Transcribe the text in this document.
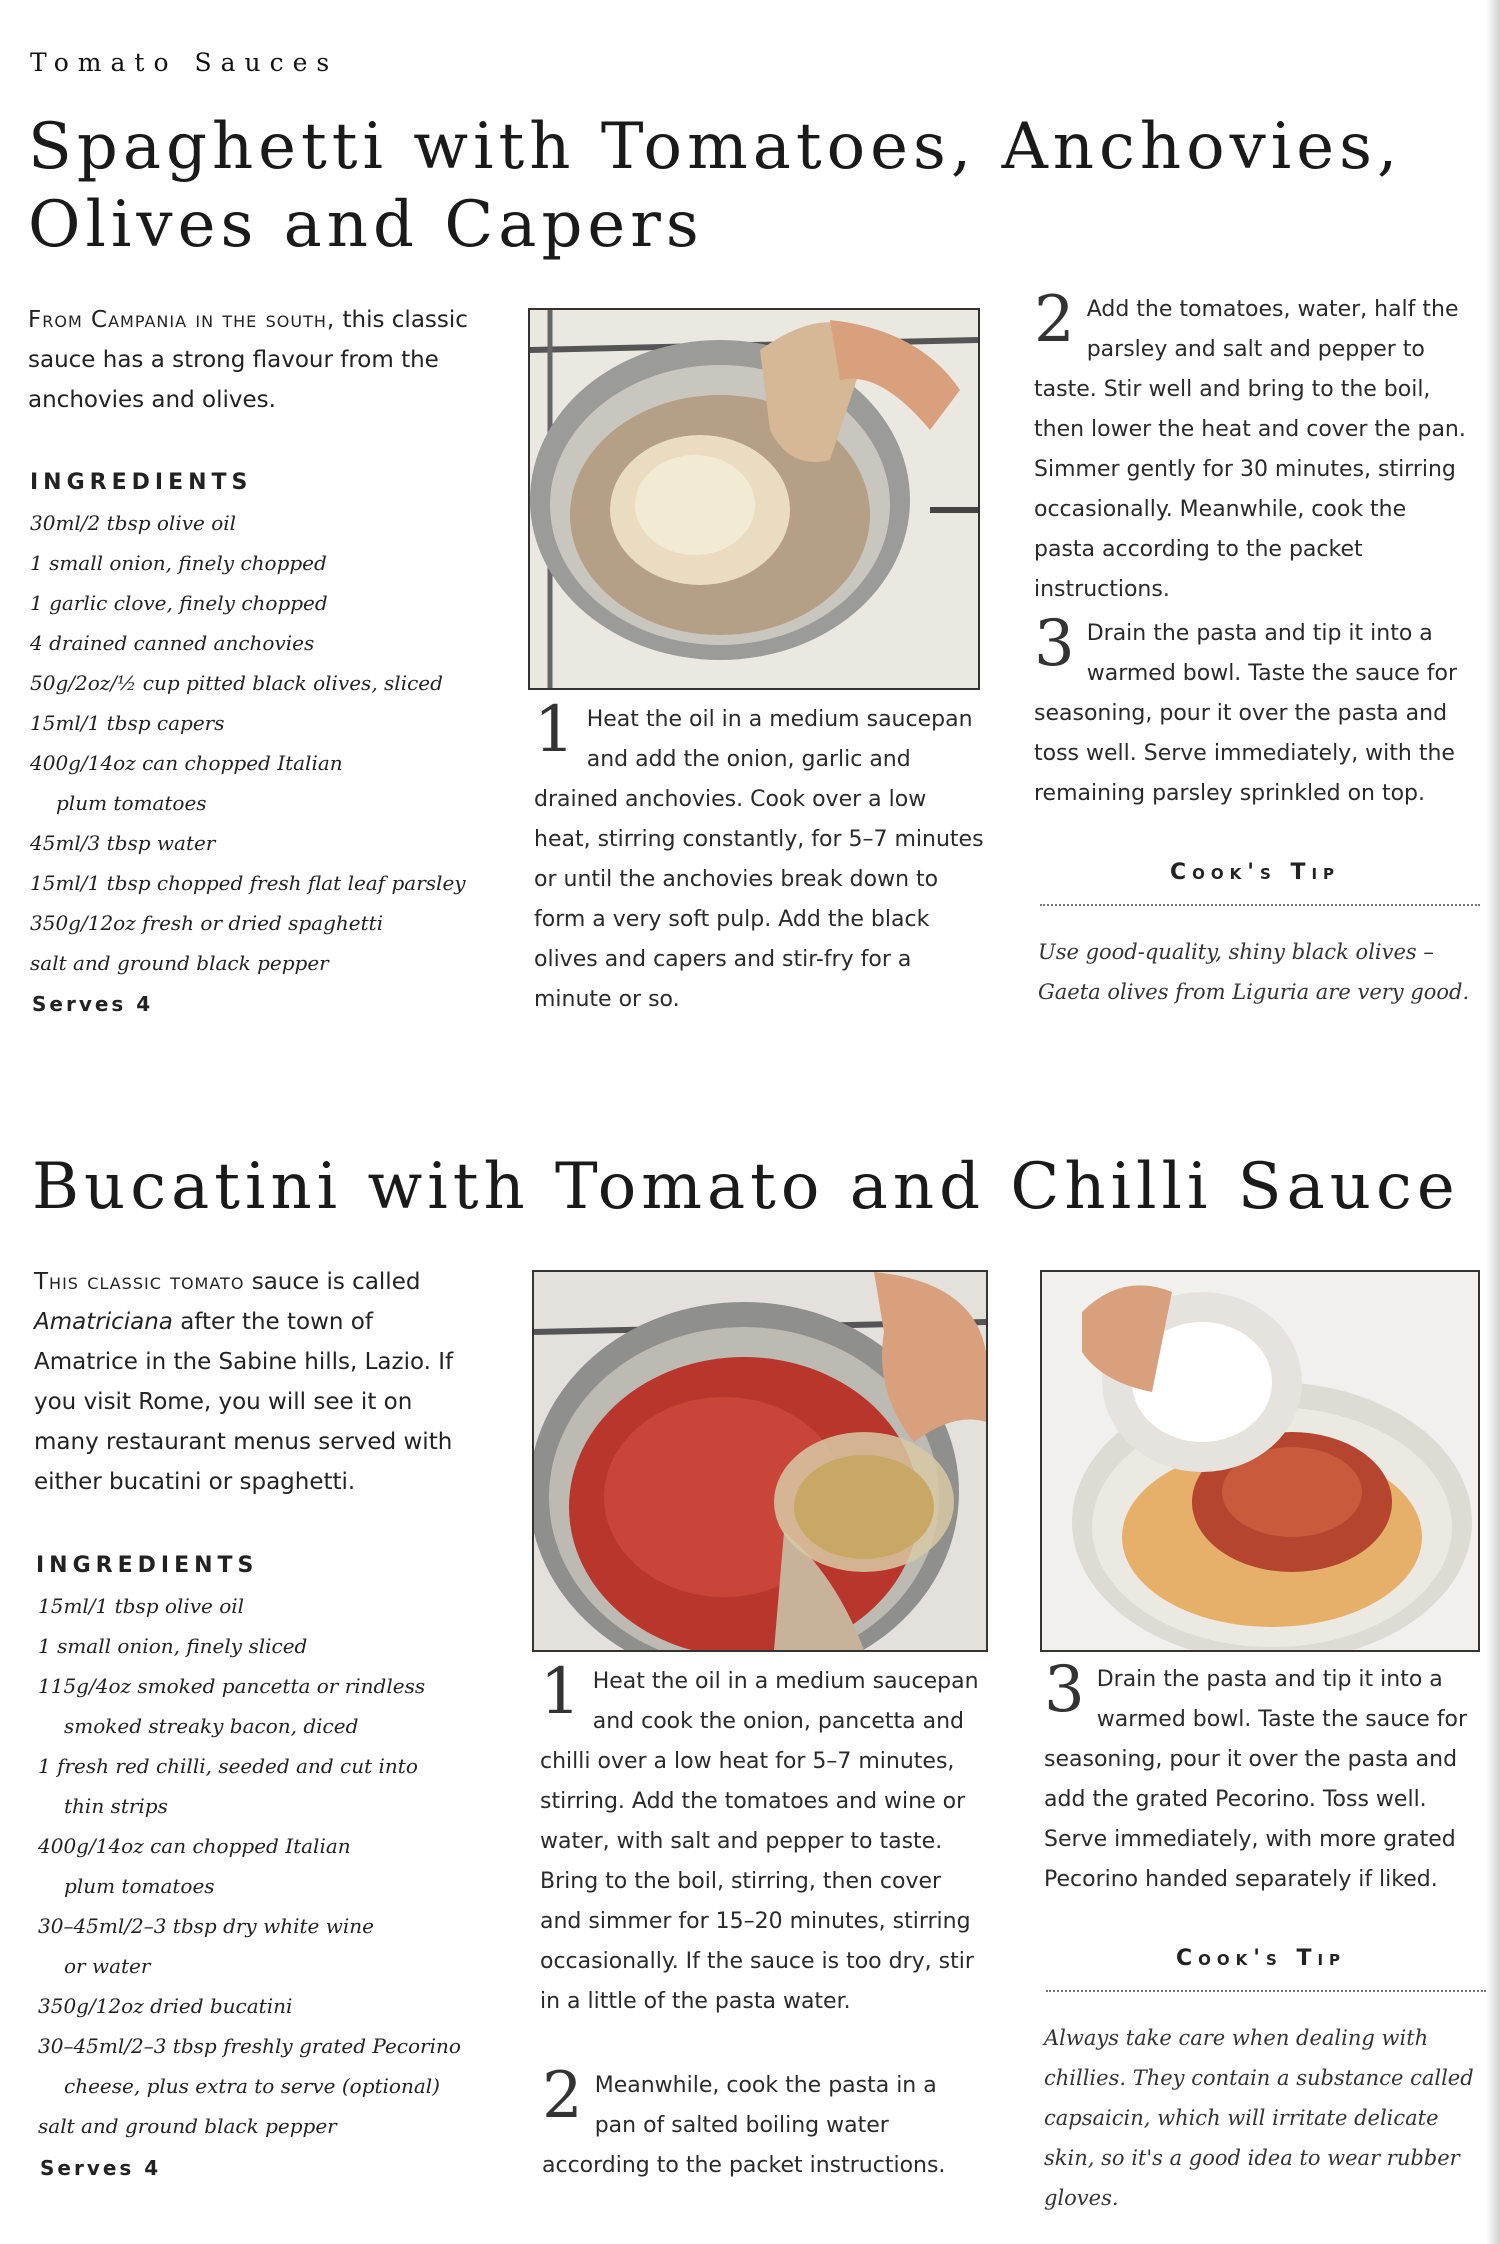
Tomato Sauces
Spaghetti with Tomatoes, Anchovies,
Olives and Capers
From Campania in the south, this classic sauce has a strong flavour from the anchovies and olives.
INGREDIENTS
30ml/2 tbsp olive oil
1 small onion, finely chopped
1 garlic clove, finely chopped
4 drained canned anchovies
50g/2oz/½ cup pitted black olives, sliced
15ml/1 tbsp capers
400g/14oz can chopped Italian
plum tomatoes
45ml/3 tbsp water
15ml/1 tbsp chopped fresh flat leaf parsley
350g/12oz fresh or dried spaghetti
salt and ground black pepper
Serves 4
1 Heat the oil in a medium saucepan and add the onion, garlic and drained anchovies. Cook over a low heat, stirring constantly, for 5–7 minutes or until the anchovies break down to form a very soft pulp. Add the black olives and capers and stir-fry for a minute or so.
2 Add the tomatoes, water, half the parsley and salt and pepper to taste. Stir well and bring to the boil, then lower the heat and cover the pan. Simmer gently for 30 minutes, stirring occasionally. Meanwhile, cook the pasta according to the packet instructions.
3 Drain the pasta and tip it into a warmed bowl. Taste the sauce for seasoning, pour it over the pasta and toss well. Serve immediately, with the remaining parsley sprinkled on top.
Cook's Tip
Use good-quality, shiny black olives – Gaeta olives from Liguria are very good.
Bucatini with Tomato and Chilli Sauce
This classic tomato sauce is called Amatriciana after the town of Amatrice in the Sabine hills, Lazio. If you visit Rome, you will see it on many restaurant menus served with either bucatini or spaghetti.
INGREDIENTS
15ml/1 tbsp olive oil
1 small onion, finely sliced
115g/4oz smoked pancetta or rindless
smoked streaky bacon, diced
1 fresh red chilli, seeded and cut into
thin strips
400g/14oz can chopped Italian
plum tomatoes
30–45ml/2–3 tbsp dry white wine
or water
350g/12oz dried bucatini
30–45ml/2–3 tbsp freshly grated Pecorino
cheese, plus extra to serve (optional)
salt and ground black pepper
Serves 4
1 Heat the oil in a medium saucepan and cook the onion, pancetta and chilli over a low heat for 5–7 minutes, stirring. Add the tomatoes and wine or water, with salt and pepper to taste. Bring to the boil, stirring, then cover and simmer for 15–20 minutes, stirring occasionally. If the sauce is too dry, stir in a little of the pasta water.
2 Meanwhile, cook the pasta in a pan of salted boiling water according to the packet instructions.
3 Drain the pasta and tip it into a warmed bowl. Taste the sauce for seasoning, pour it over the pasta and add the grated Pecorino. Toss well. Serve immediately, with more grated Pecorino handed separately if liked.
Cook's Tip
Always take care when dealing with chillies. They contain a substance called capsaicin, which will irritate delicate skin, so it's a good idea to wear rubber gloves.
